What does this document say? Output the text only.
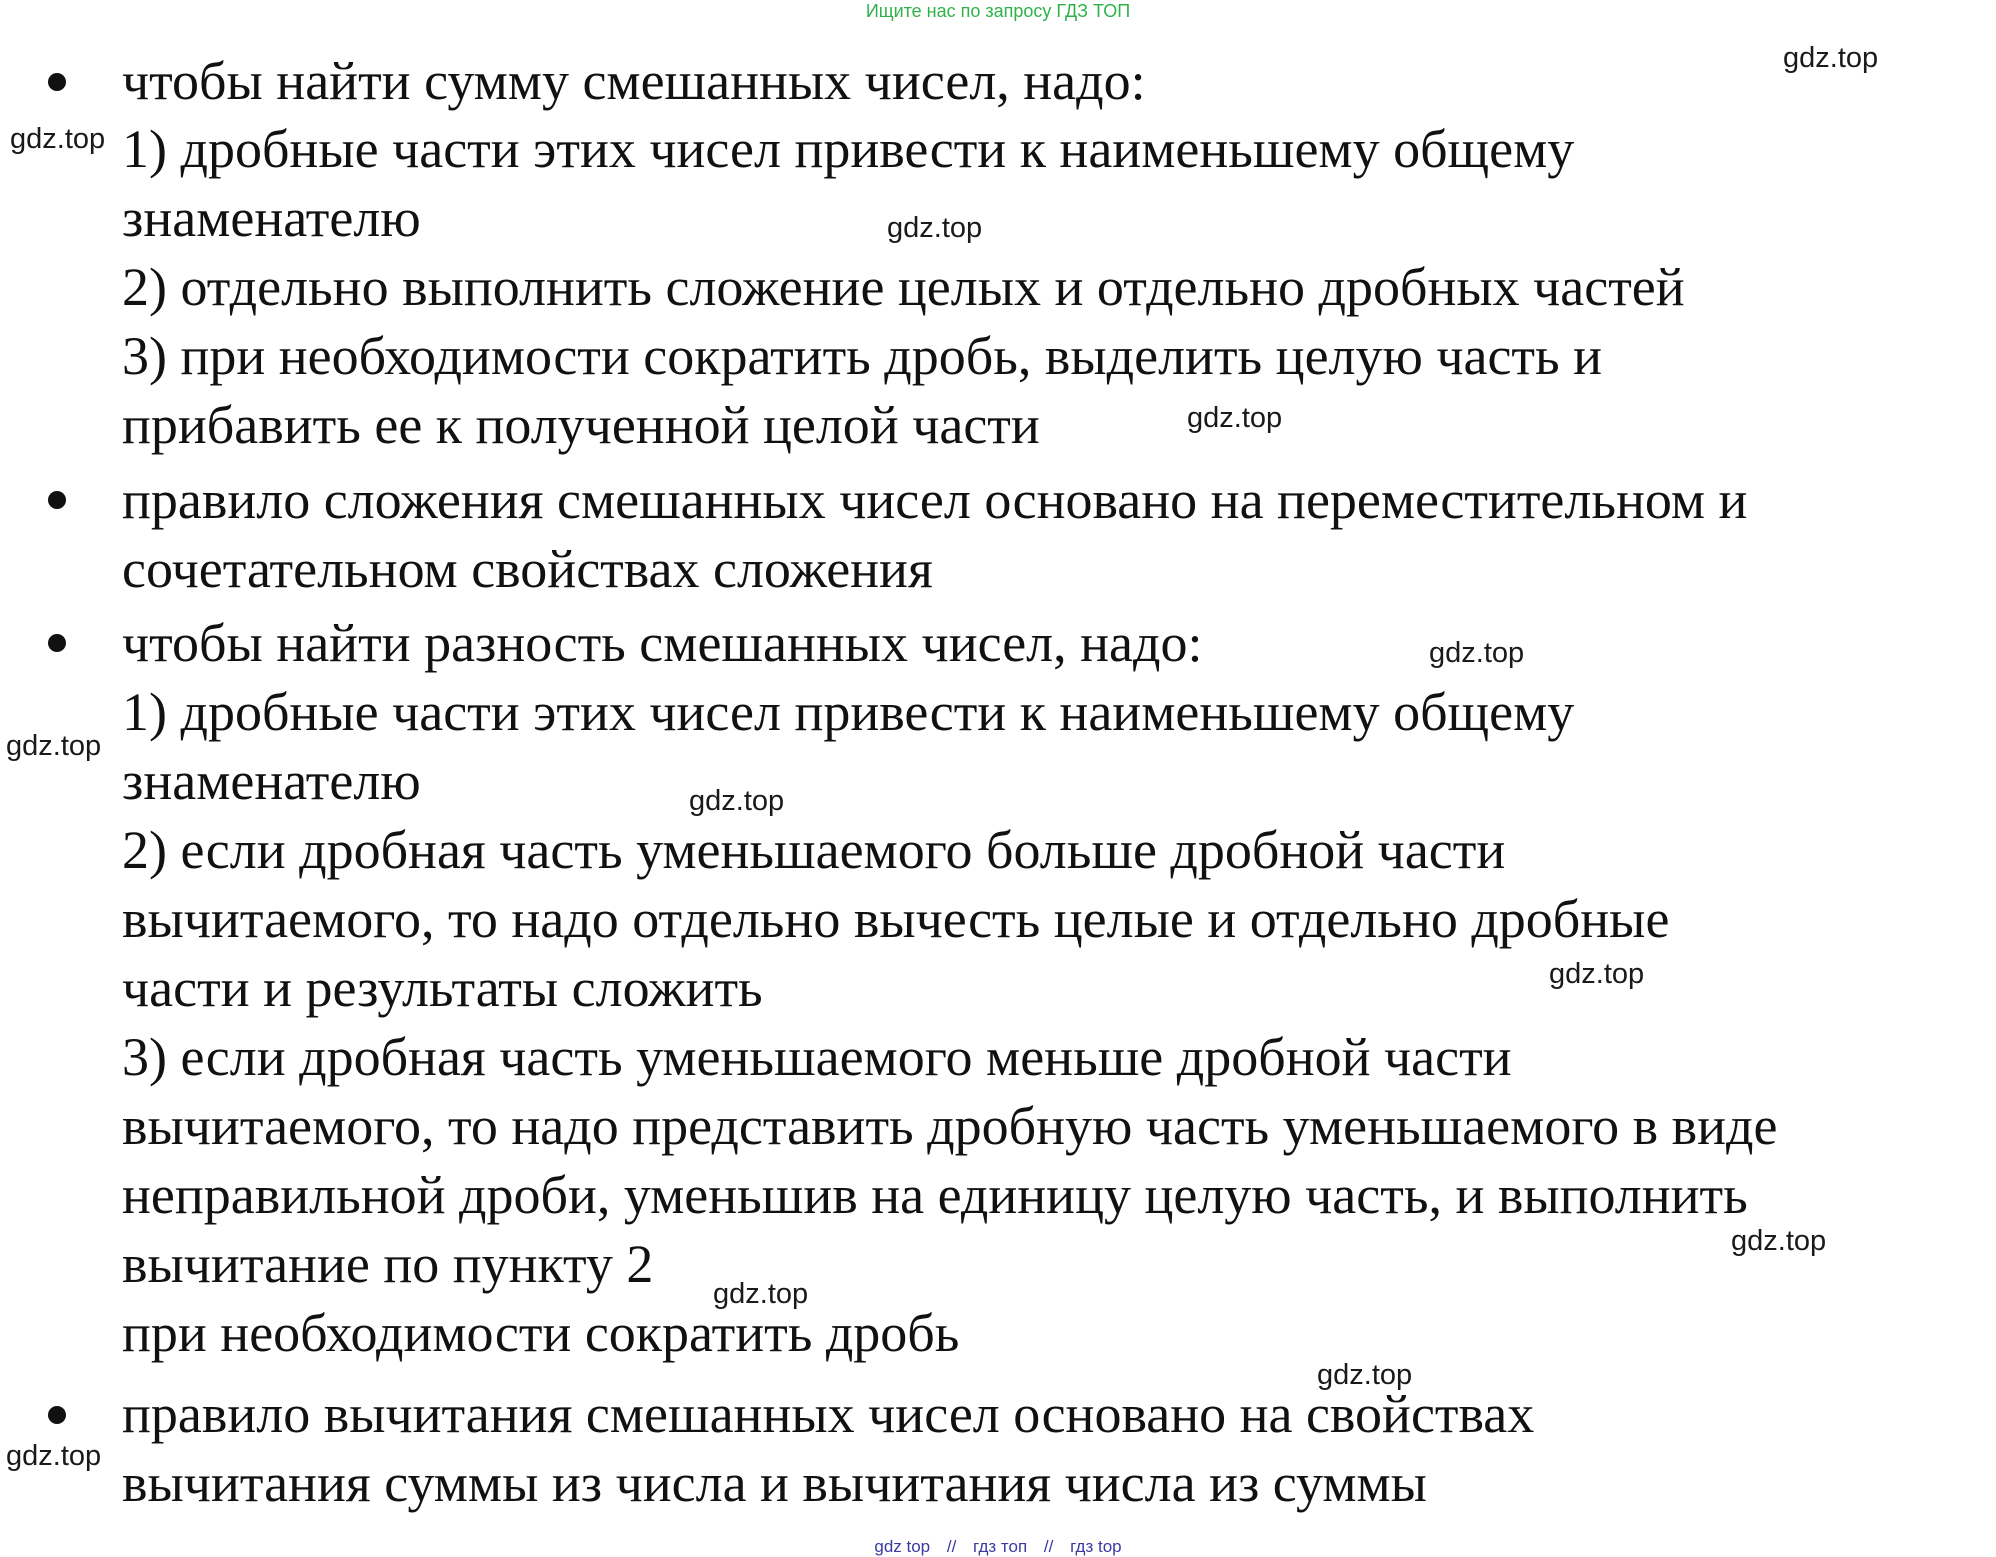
Ищите нас по запросу ГДЗ ТОП
чтобы найти сумму смешанных чисел, надо:
1) дробные части этих чисел привести к наименьшему общему
знаменателю
2) отдельно выполнить сложение целых и отдельно дробных частей
3) при необходимости сократить дробь, выделить целую часть и
прибавить ее к полученной целой части
правило сложения смешанных чисел основано на переместительном и
сочетательном свойствах сложения
чтобы найти разность смешанных чисел, надо:
1) дробные части этих чисел привести к наименьшему общему
знаменателю
2) если дробная часть уменьшаемого больше дробной части
вычитаемого, то надо отдельно вычесть целые и отдельно дробные
части и результаты сложить
3) если дробная часть уменьшаемого меньше дробной части
вычитаемого, то надо представить дробную часть уменьшаемого в виде
неправильной дроби, уменьшив на единицу целую часть, и выполнить
вычитание по пункту 2
при необходимости сократить дробь
правило вычитания смешанных чисел основано на свойствах
вычитания суммы из числа и вычитания числа из суммы
gdz.top
gdz.top
gdz.top
gdz.top
gdz.top
gdz.top
gdz.top
gdz.top
gdz.top
gdz.top
gdz.top
gdz.top
gdz top // гдз топ // гдз top
